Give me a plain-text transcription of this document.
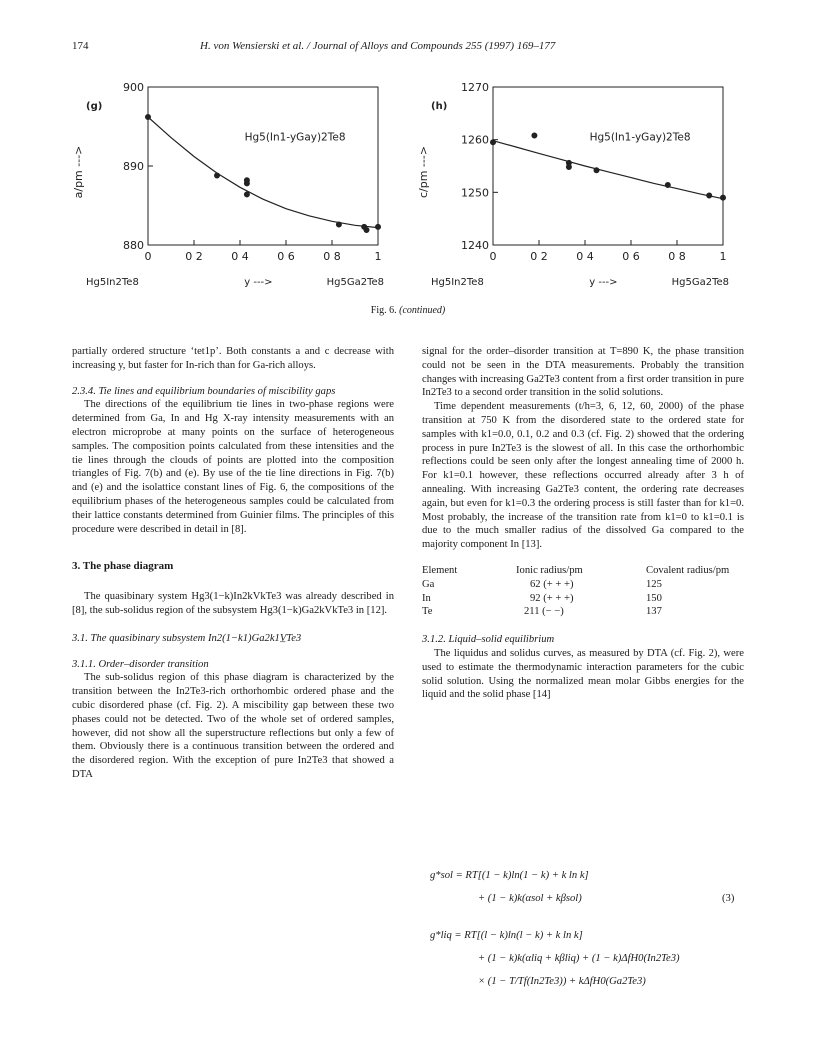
174	H. von Wensierski et al. / Journal of Alloys and Compounds 255 (1997) 169–177
880
890
900
0	0 2	0 4	0 6	0 8	1
Hg5In2Te8	y --->	Hg5Ga2Te8
a/pm --->
(g)
Hg5(In1-yGay)2Te8
1240
1250
1260
1270
0	0 2	0 4	0 6	0 8	1
Hg5In2Te8	y --->	Hg5Ga2Te8
c/pm --->
(h)
Hg5(In1-yGay)2Te8
Fig. 6. (continued)

partially ordered structure ‘tet1p’. Both constants a and c decrease with increasing y, but faster for In-rich than for Ga-rich alloys.

2.3.4. Tie lines and equilibrium boundaries of miscibility gaps

The directions of the equilibrium tie lines in two-phase regions were determined from Ga, In and Hg X-ray intensity measurements with an electron microprobe at many points on the surface of heterogeneous samples. The composition points calculated from these intensities and the tie lines through the clouds of points are plotted into the composition triangles of Fig. 7(b) and (e). By use of the tie line directions in Fig. 7(b) and (e) and the isolattice constant lines of Fig. 6, the compositions of the equilibrium phases of the heterogeneous samples could be calculated from their lattice constants determined from Guinier films. The principles of this procedure were described in detail in [8].

3. The phase diagram

The quasibinary system Hg3(1−k)In2kVkTe3 was already described in [8], the sub-solidus region of the subsystem Hg3(1−k)Ga2kVkTe3 in [12].

3.1. The quasibinary subsystem In2(1−k1)Ga2k1V̲Te3

3.1.1. Order–disorder transition

The sub-solidus region of this phase diagram is characterized by the transition between the In2Te3-rich orthorhombic ordered phase and the cubic disordered phase (cf. Fig. 2). A miscibility gap between these two phases could not be detected. Two of the whole set of ordered samples, however, did not show all the superstructure reflections but only a few of them. Obviously there is a continuous transition between the ordered and the disordered region. With the exception of pure In2Te3 that showed a DTA

signal for the order–disorder transition at T=890 K, the phase transition could not be seen in the DTA measurements. Probably the transition changes with increasing Ga2Te3 content from a first order transition in pure In2Te3 to a second order transition in the solid solutions.

Time dependent measurements (t/h=3, 6, 12, 60, 2000) of the phase transition at 750 K from the disordered state to the ordered state for samples with k1=0.0, 0.1, 0.2 and 0.3 (cf. Fig. 2) showed that the ordering process in pure In2Te3 is the slowest of all. In this case the orthorhombic reflections could be seen only after the longest annealing time of 2000 h. For k1=0.1 however, these reflections occurred already after 3 h of annealing. With increasing Ga2Te3 content, the ordering rate decreases again, but even for k1=0.3 the ordering process is still faster than for k1=0. Most probably, the increase of the transition rate from k1=0 to k1=0.1 is due to the much smaller radius of the dissolved Ga compared to the majority component In [13].

Element	Ionic radius/pm	Covalent radius/pm
Ga	62 (+ + +)	125
In	92 (+ + +)	150
Te	211 (− −)	137

3.1.2. Liquid–solid equilibrium

The liquidus and solidus curves, as measured by DTA (cf. Fig. 2), were used to estimate the thermodynamic interaction parameters for the cubic solid solution. Using the normalized mean molar Gibbs energies for the liquid and the solid phase [14]

g*sol = RT[(1 − k)ln(1 − k) + k ln k]
+ (1 − k)k(αsol + kβsol)	(3)
g*liq = RT[(l − k)ln(l − k) + k ln k]
+ (1 − k)k(αliq + kβliq) + (1 − k)ΔfH0(In2Te3)
× (1 − T/Tf(In2Te3)) + kΔfH0(Ga2Te3)
